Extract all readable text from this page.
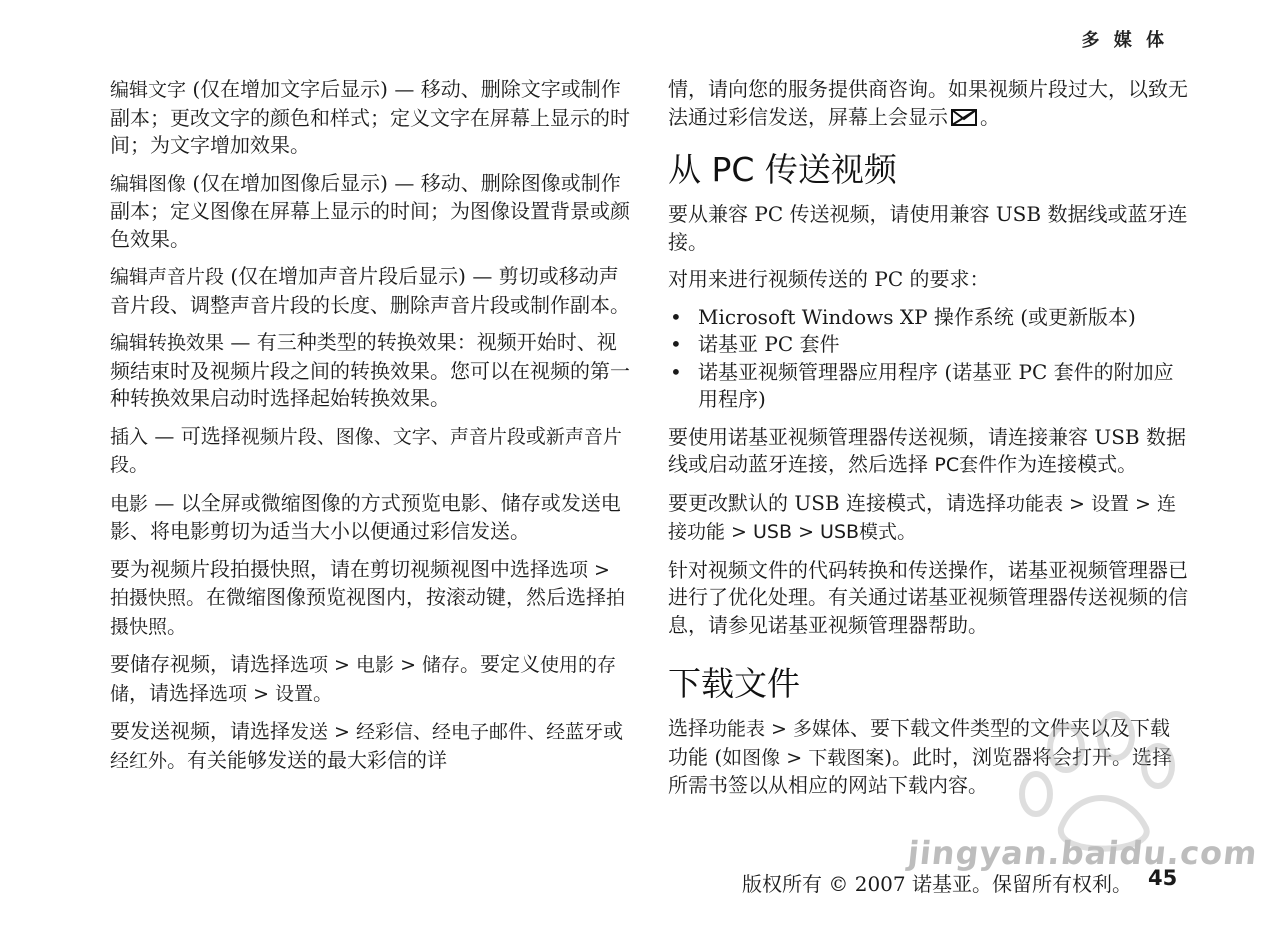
多 媒 体

编辑文字 (仅在增加文字后显示) — 移动、删除文字或制作副本；更改文字的颜色和样式；定义文字在屏幕上显示的时间；为文字增加效果。

编辑图像 (仅在增加图像后显示) — 移动、删除图像或制作副本；定义图像在屏幕上显示的时间；为图像设置背景或颜色效果。

编辑声音片段 (仅在增加声音片段后显示) — 剪切或移动声音片段、调整声音片段的长度、删除声音片段或制作副本。

编辑转换效果 — 有三种类型的转换效果：视频开始时、视频结束时及视频片段之间的转换效果。您可以在视频的第一种转换效果启动时选择起始转换效果。

插入 — 可选择视频片段、图像、文字、声音片段或新声音片段。

电影 — 以全屏或微缩图像的方式预览电影、储存或发送电影、将电影剪切为适当大小以便通过彩信发送。

要为视频片段拍摄快照，请在剪切视频视图中选择选项 > 拍摄快照。在微缩图像预览视图内，按滚动键，然后选择拍摄快照。

要储存视频，请选择选项 > 电影 > 储存。要定义使用的存储，请选择选项 > 设置。

要发送视频，请选择发送 > 经彩信、经电子邮件、经蓝牙或经红外。有关能够发送的最大彩信的详

情，请向您的服务提供商咨询。如果视频片段过大，以致无法通过彩信发送，屏幕上会显示 。

从 PC 传送视频

要从兼容 PC 传送视频，请使用兼容 USB 数据线或蓝牙连接。

对用来进行视频传送的 PC 的要求：

• Microsoft Windows XP 操作系统 (或更新版本)
• 诺基亚 PC 套件
• 诺基亚视频管理器应用程序 (诺基亚 PC 套件的附加应用程序)

要使用诺基亚视频管理器传送视频，请连接兼容 USB 数据线或启动蓝牙连接，然后选择 PC套件作为连接模式。

要更改默认的 USB 连接模式，请选择功能表 > 设置 > 连接功能 > USB > USB模式。

针对视频文件的代码转换和传送操作，诺基亚视频管理器已进行了优化处理。有关通过诺基亚视频管理器传送视频的信息，请参见诺基亚视频管理器帮助。

下载文件

选择功能表 > 多媒体、要下载文件类型的文件夹以及下载功能 (如图像 > 下载图案)。此时，浏览器将会打开。选择所需书签以从相应的网站下载内容。

jingyan.baidu.com
版权所有 © 2007 诺基亚。保留所有权利。 45
